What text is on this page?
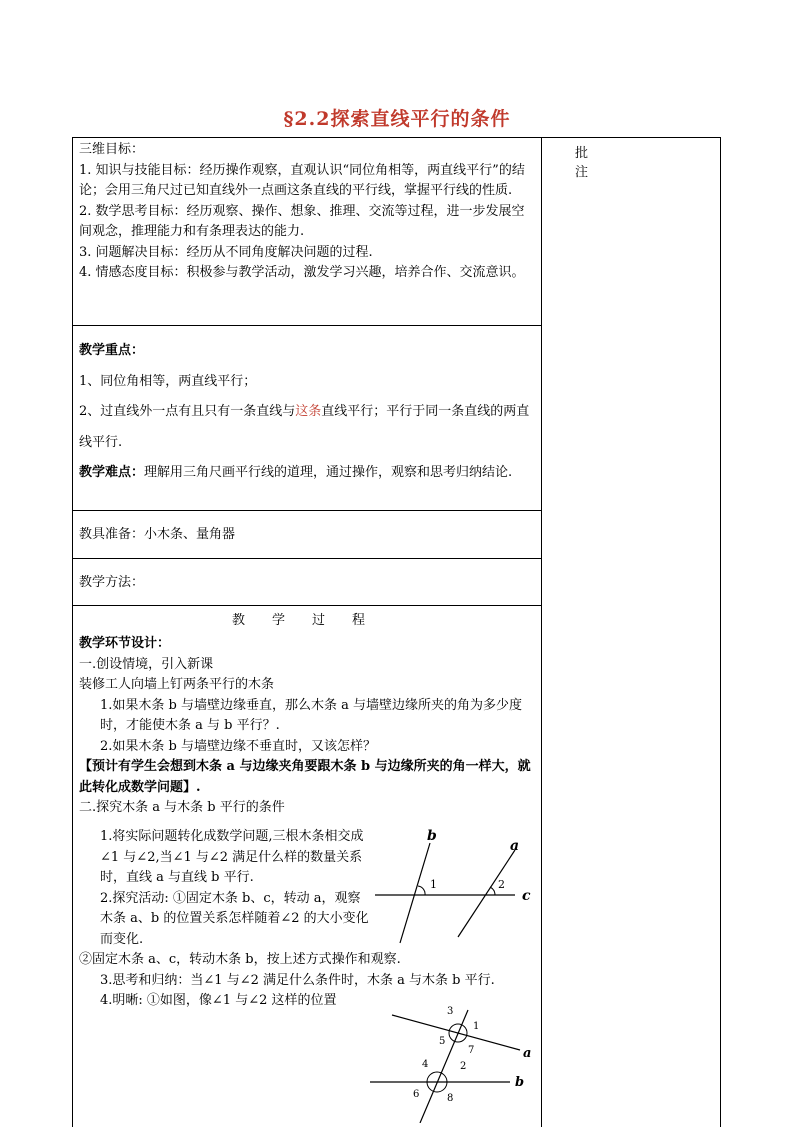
§2.2探索直线平行的条件
批　注

三维目标：

1. 知识与技能目标：经历操作观察，直观认识“同位角相等，两直线平行”的结论；会用三角尺过已知直线外一点画这条直线的平行线，掌握平行线的性质.

2. 数学思考目标：经历观察、操作、想象、推理、交流等过程，进一步发展空间观念，推理能力和有条理表达的能力.

3. 问题解决目标：经历从不同角度解决问题的过程.

4. 情感态度目标：积极参与教学活动，激发学习兴趣，培养合作、交流意识。

教学重点：

1、同位角相等，两直线平行；

2、过直线外一点有且只有一条直线与这条直线平行；平行于同一条直线的两直线平行.

教学难点：理解用三角尺画平行线的道理，通过操作，观察和思考归纳结论.

教具准备：小木条、量角器
教学方法：
教学过程

教学环节设计：

一.创设情境，引入新课

装修工人向墙上钉两条平行的木条

1.如果木条 b 与墙壁边缘垂直，那么木条 a 与墙壁边缘所夹的角为多少度时，才能使木条 a 与 b 平行？.

2.如果木条 b 与墙壁边缘不垂直时，又该怎样？

【预计有学生会想到木条 a 与边缘夹角要跟木条 b 与边缘所夹的角一样大，就此转化成数学问题】.

二.探究木条 a 与木条 b 平行的条件

1.将实际问题转化成数学问题,三根木条相交成∠1 与∠2,当∠1 与∠2 满足什么样的数量关系时，直线 a 与直线 b 平行.

2.探究活动: ①固定木条 b、c，转动 a，观察木条 a、b 的位置关系怎样随着∠2 的大小变化而变化.

②固定木条 a、c，转动木条 b，按上述方式操作和观察.

3.思考和归纳：当∠1 与∠2 满足什么条件时，木条 a 与木条 b 平行.

4.明晰: ①如图，像∠1 与∠2 这样的位置

b
a
c
1	2
3
1
5
7	a
4	2
b
6	8
